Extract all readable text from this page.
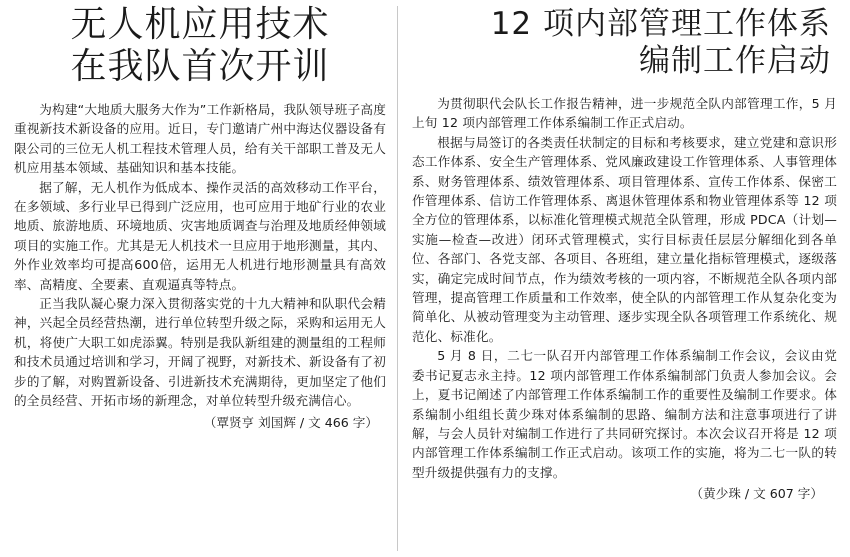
无人机应用技术
在我队首次开训

为构建“大地质大服务大作为”工作新格局，我队领导班子高度重视新技术新设备的应用。近日，专门邀请广州中海达仪器设备有限公司的三位无人机工程技术管理人员，给有关干部职工普及无人机应用基本领域、基础知识和基本技能。

据了解，无人机作为低成本、操作灵活的高效移动工作平台，在多领域、多行业早已得到广泛应用，也可应用于地矿行业的农业地质、旅游地质、环境地质、灾害地质调查与治理及地质经伸领域项目的实施工作。尤其是无人机技术一旦应用于地形测量，其内、外作业效率均可提高600倍，运用无人机进行地形测量具有高效率、高精度、全要素、直观逼真等特点。

正当我队凝心聚力深入贯彻落实党的十九大精神和队职代会精神，兴起全员经营热潮，进行单位转型升级之际，采购和运用无人机，将使广大职工如虎添翼。特别是我队新组建的测量组的工程师和技术员通过培训和学习，开阔了视野，对新技术、新设备有了初步的了解，对购置新设备、引进新技术充满期待，更加坚定了他们的全员经营、开拓市场的新理念，对单位转型升级充满信心。

（覃贤亨 刘国辉 / 文 466 字）
12 项内部管理工作体系
编制工作启动

为贯彻职代会队长工作报告精神，进一步规范全队内部管理工作，5 月上旬 12 项内部管理工作体系编制工作正式启动。

根据与局签订的各类责任状制定的目标和考核要求，建立党建和意识形态工作体系、安全生产管理体系、党风廉政建设工作管理体系、人事管理体系、财务管理体系、绩效管理体系、项目管理体系、宣传工作体系、保密工作管理体系、信访工作管理体系、离退休管理体系和物业管理体系等 12 项全方位的管理体系，以标准化管理模式规范全队管理，形成 PDCA（计划—实施—检查—改进）闭环式管理模式，实行目标责任层层分解细化到各单位、各部门、各党支部、各项目、各班组，建立量化指标管理模式，逐级落实，确定完成时间节点，作为绩效考核的一项内容，不断规范全队各项内部管理，提高管理工作质量和工作效率，使全队的内部管理工作从复杂化变为简单化、从被动管理变为主动管理、逐步实现全队各项管理工作系统化、规范化、标准化。

5 月 8 日，二七一队召开内部管理工作体系编制工作会议，会议由党委书记夏志永主持。12 项内部管理工作体系编制部门负责人参加会议。会上，夏书记阐述了内部管理工作体系编制工作的重要性及编制工作要求。体系编制小组组长黄少珠对体系编制的思路、编制方法和注意事项进行了讲解，与会人员针对编制工作进行了共同研究探讨。本次会议召开将是 12 项内部管理工作体系编制工作正式启动。该项工作的实施，将为二七一队的转型升级提供强有力的支撑。

（黄少珠 / 文 607 字）
